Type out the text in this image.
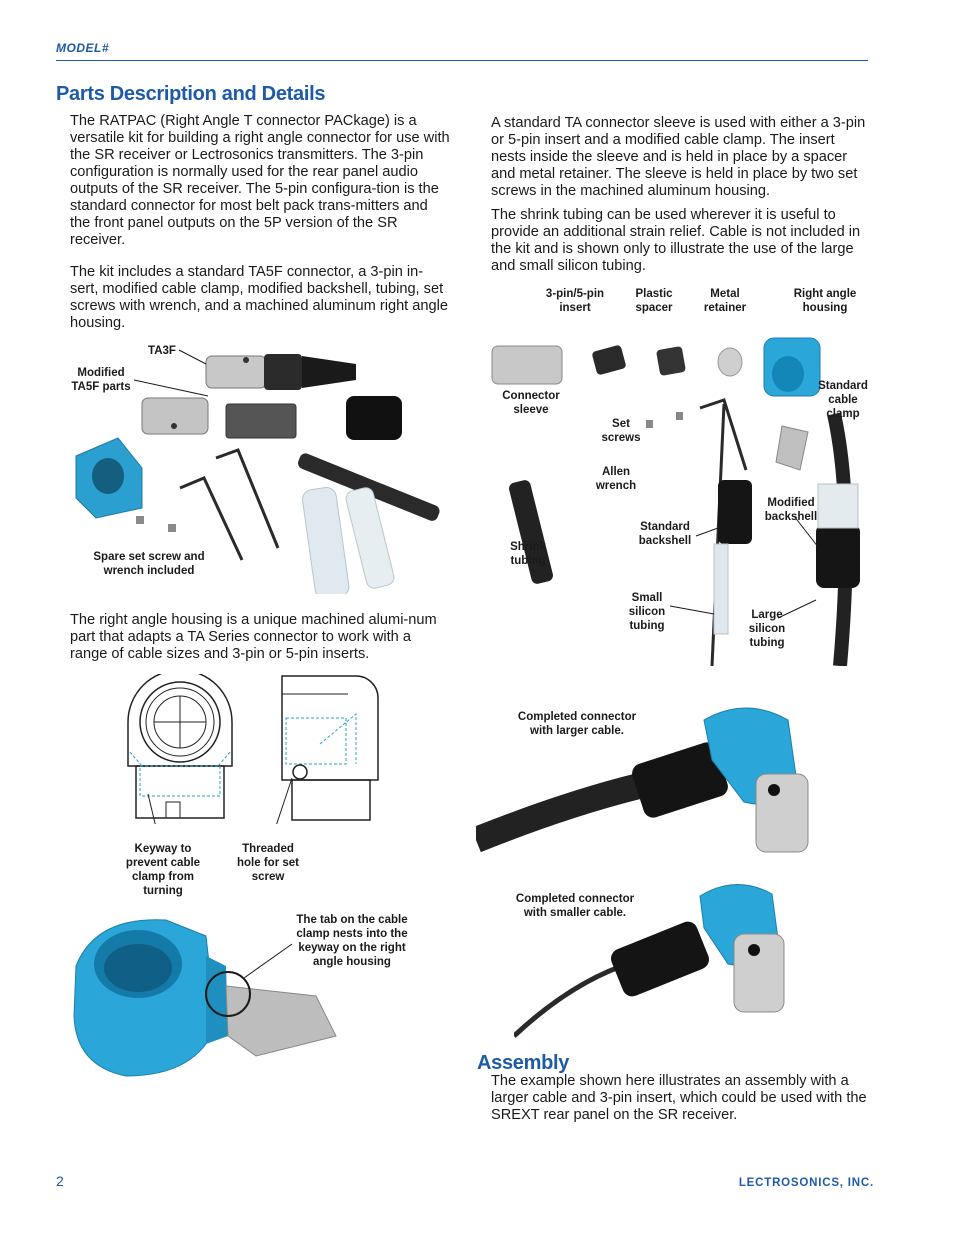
MODEL#
Parts Description and Details

The RATPAC (Right Angle T connector PACkage) is a versatile kit for building a right angle connector for use with the SR receiver or Lectrosonics transmitters. The 3-pin configuration is normally used for the rear panel audio outputs of the SR receiver. The 5-pin configura-tion is the standard connector for most belt pack trans-mitters and the front panel outputs on the 5P version of the SR receiver.

The kit includes a standard TA5F connector, a 3-pin in-sert, modified cable clamp, modified backshell, tubing, set screws with wrench, and a machined aluminum right angle housing.

TA3F
Modified
TA5F parts
Spare set screw and
wrench included

The right angle housing is a unique machined alumi-num part that adapts a TA Series connector to work with a range of cable sizes and 3-pin or 5-pin inserts.

Keyway to
prevent cable
clamp from
turning
Threaded
hole for set
screw
The tab on the cable
clamp nests into the
keyway on the right
angle housing

A standard TA connector sleeve is used with either a 3-pin or 5-pin insert and a modified cable clamp. The insert nests inside the sleeve and is held in place by a spacer and metal retainer. The sleeve is held in place by two set screws in the machined aluminum housing.

The shrink tubing can be used wherever it is useful to provide an additional strain relief. Cable is not included in the kit and is shown only to illustrate the use of the large and small silicon tubing.

3-pin/5-pin
insert
Plastic
spacer
Metal
retainer
Right angle
housing
Connector
sleeve
Set
screws
Standard
cable
clamp
Allen
wrench
Modified
backshell
Standard
backshell
Shrink
tubing
Small
silicon
tubing
Large
silicon
tubing
Completed connector
with larger cable.
Completed connector
with smaller cable.
Assembly

The example shown here illustrates an assembly with a larger cable and 3-pin insert, which could be used with the SREXT rear panel on the SR receiver.

2	LECTROSONICS, INC.
